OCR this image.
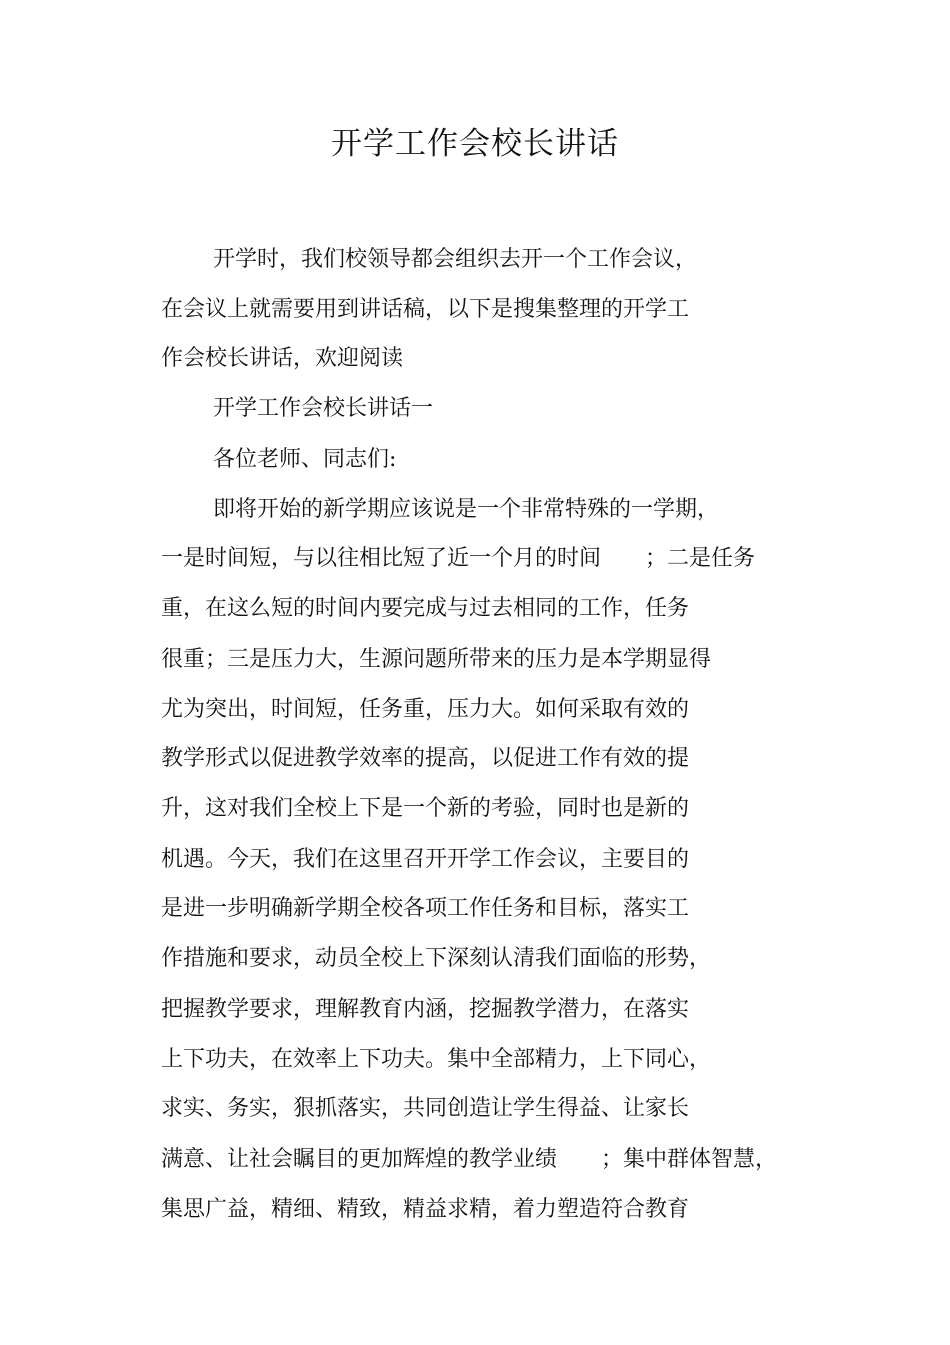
开学工作会校长讲话

开学时，我们校领导都会组织去开一个工作会议，

在会议上就需要用到讲话稿，以下是搜集整理的开学工

作会校长讲话，欢迎阅读

开学工作会校长讲话一

各位老师、同志们:

即将开始的新学期应该说是一个非常特殊的一学期，

一是时间短，与以往相比短了近一个月的时间　　；二是任务

重，在这么短的时间内要完成与过去相同的工作，任务

很重；三是压力大，生源问题所带来的压力是本学期显得

尤为突出，时间短，任务重，压力大。如何采取有效的

教学形式以促进教学效率的提高，以促进工作有效的提

升，这对我们全校上下是一个新的考验，同时也是新的

机遇。今天，我们在这里召开开学工作会议，主要目的

是进一步明确新学期全校各项工作任务和目标，落实工

作措施和要求，动员全校上下深刻认清我们面临的形势，

把握教学要求，理解教育内涵，挖掘教学潜力，在落实

上下功夫，在效率上下功夫。集中全部精力，上下同心，

求实、务实，狠抓落实，共同创造让学生得益、让家长

满意、让社会瞩目的更加辉煌的教学业绩　　；集中群体智慧，

集思广益，精细、精致，精益求精，着力塑造符合教育
